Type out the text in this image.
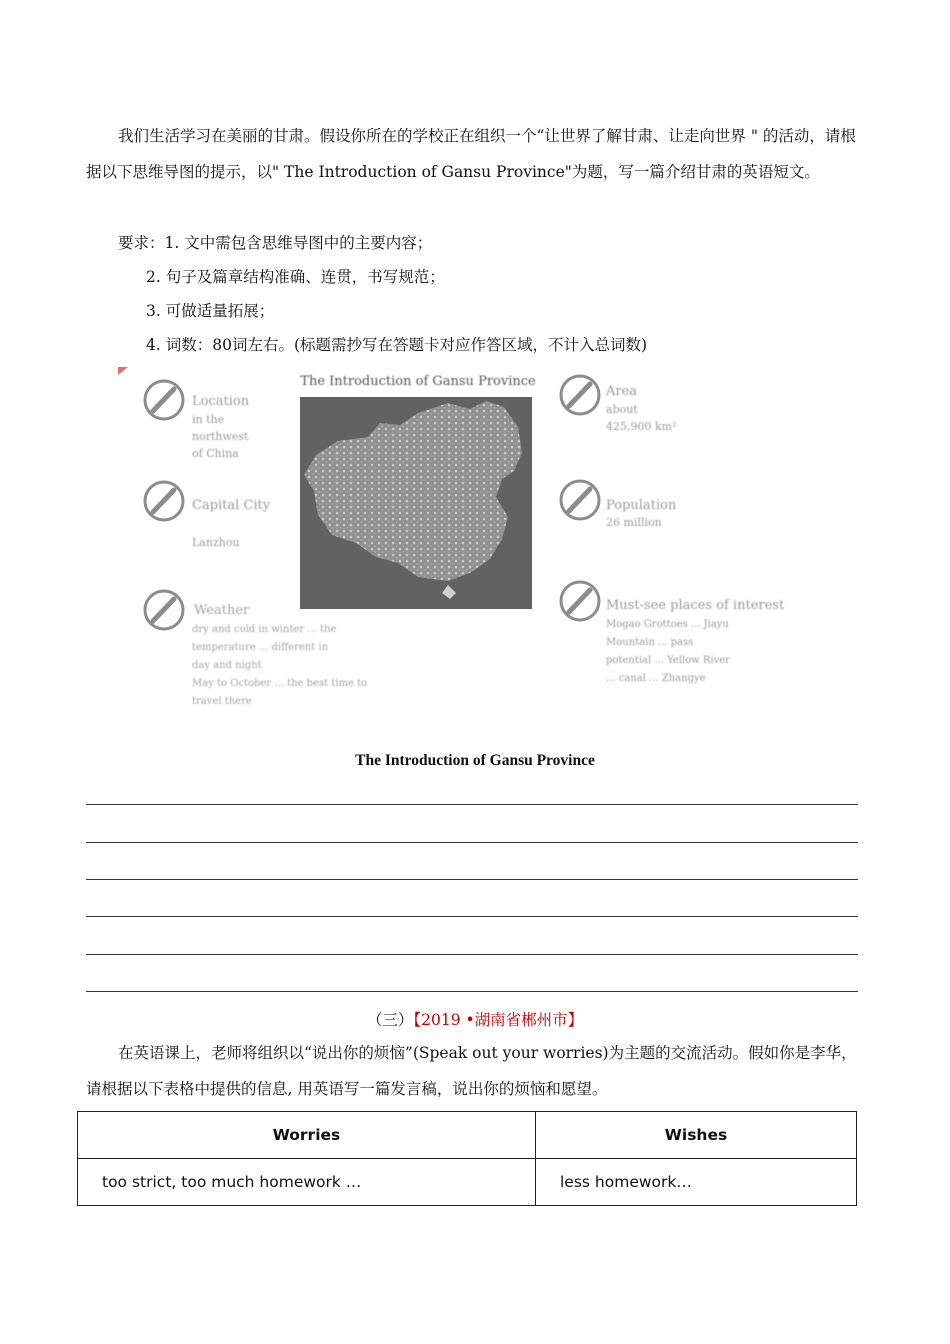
我们生活学习在美丽的甘肃。假设你所在的学校正在组织一个“让世界了解甘肃、让走向世界 " 的活动，请根据以下思维导图的提示，以" The Introduction of Gansu Province"为题，写一篇介绍甘肃的英语短文。

要求：1. 文中需包含思维导图中的主要内容；
2. 句子及篇章结构准确、连贯，书写规范；
3. 可做适量拓展；
4. 词数：80词左右。(标题需抄写在答题卡对应作答区域，不计入总词数)
The Introduction of Gansu Province
Location
in the
northwest
of China
Capital City
Lanzhou
Weather
dry and cold in winter ... the
temperature ... different in
day and night
May to October ... the best time to
travel there
Area
about
425,900 km²
Population
26 million
Must-see places of interest
Mogao Grottoes ... Jiayu
Mountain ... pass
potential ... Yellow River
... canal ... Zhangye
The Introduction of Gansu Province
（三）【2019 •湖南省郴州市】

在英语课上，老师将组织以“说出你的烦恼”(Speak out your worries)为主题的交流活动。假如你是李华，请根据以下表格中提供的信息, 用英语写一篇发言稿，说出你的烦恼和愿望。

Worries	Wishes
too strict, too much homework …	less homework…
